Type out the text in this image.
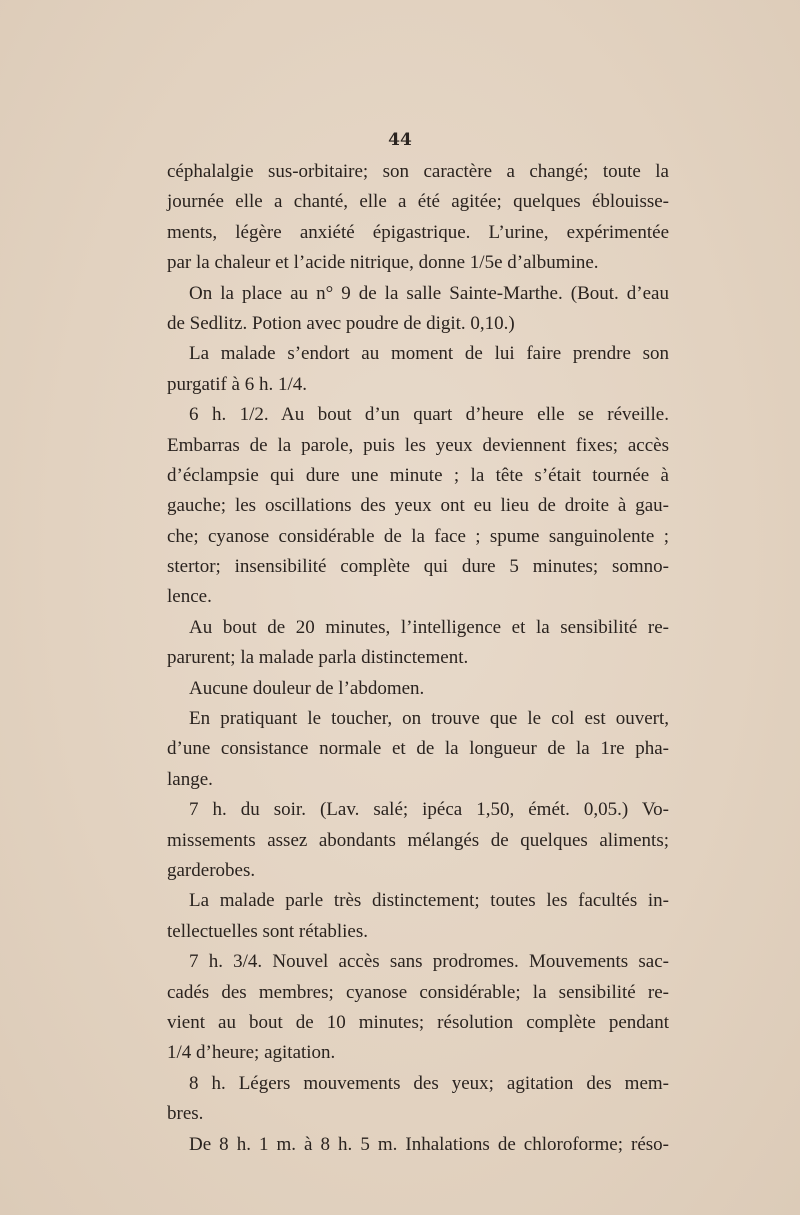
44
céphalalgie sus-orbitaire; son caractère a changé; toute la
journée elle a chanté, elle a été agitée; quelques éblouisse-
ments, légère anxiété épigastrique. L’urine, expérimentée
par la chaleur et l’acide nitrique, donne 1/5e d’albumine.
On la place au n° 9 de la salle Sainte-Marthe. (Bout. d’eau
de Sedlitz. Potion avec poudre de digit. 0,10.)
La malade s’endort au moment de lui faire prendre son
purgatif à 6 h. 1/4.
6 h. 1/2. Au bout d’un quart d’heure elle se réveille.
Embarras de la parole, puis les yeux deviennent fixes; accès
d’éclampsie qui dure une minute ; la tête s’était tournée à
gauche; les oscillations des yeux ont eu lieu de droite à gau-
che; cyanose considérable de la face ; spume sanguinolente ;
stertor; insensibilité complète qui dure 5 minutes; somno-
lence.
Au bout de 20 minutes, l’intelligence et la sensibilité re-
parurent; la malade parla distinctement.
Aucune douleur de l’abdomen.
En pratiquant le toucher, on trouve que le col est ouvert,
d’une consistance normale et de la longueur de la 1re pha-
lange.
7 h. du soir. (Lav. salé; ipéca 1,50, émét. 0,05.) Vo-
missements assez abondants mélangés de quelques aliments;
garderobes.
La malade parle très distinctement; toutes les facultés in-
tellectuelles sont rétablies.
7 h. 3/4. Nouvel accès sans prodromes. Mouvements sac-
cadés des membres; cyanose considérable; la sensibilité re-
vient au bout de 10 minutes; résolution complète pendant
1/4 d’heure; agitation.
8 h. Légers mouvements des yeux; agitation des mem-
bres.
De 8 h. 1 m. à 8 h. 5 m. Inhalations de chloroforme; réso-
